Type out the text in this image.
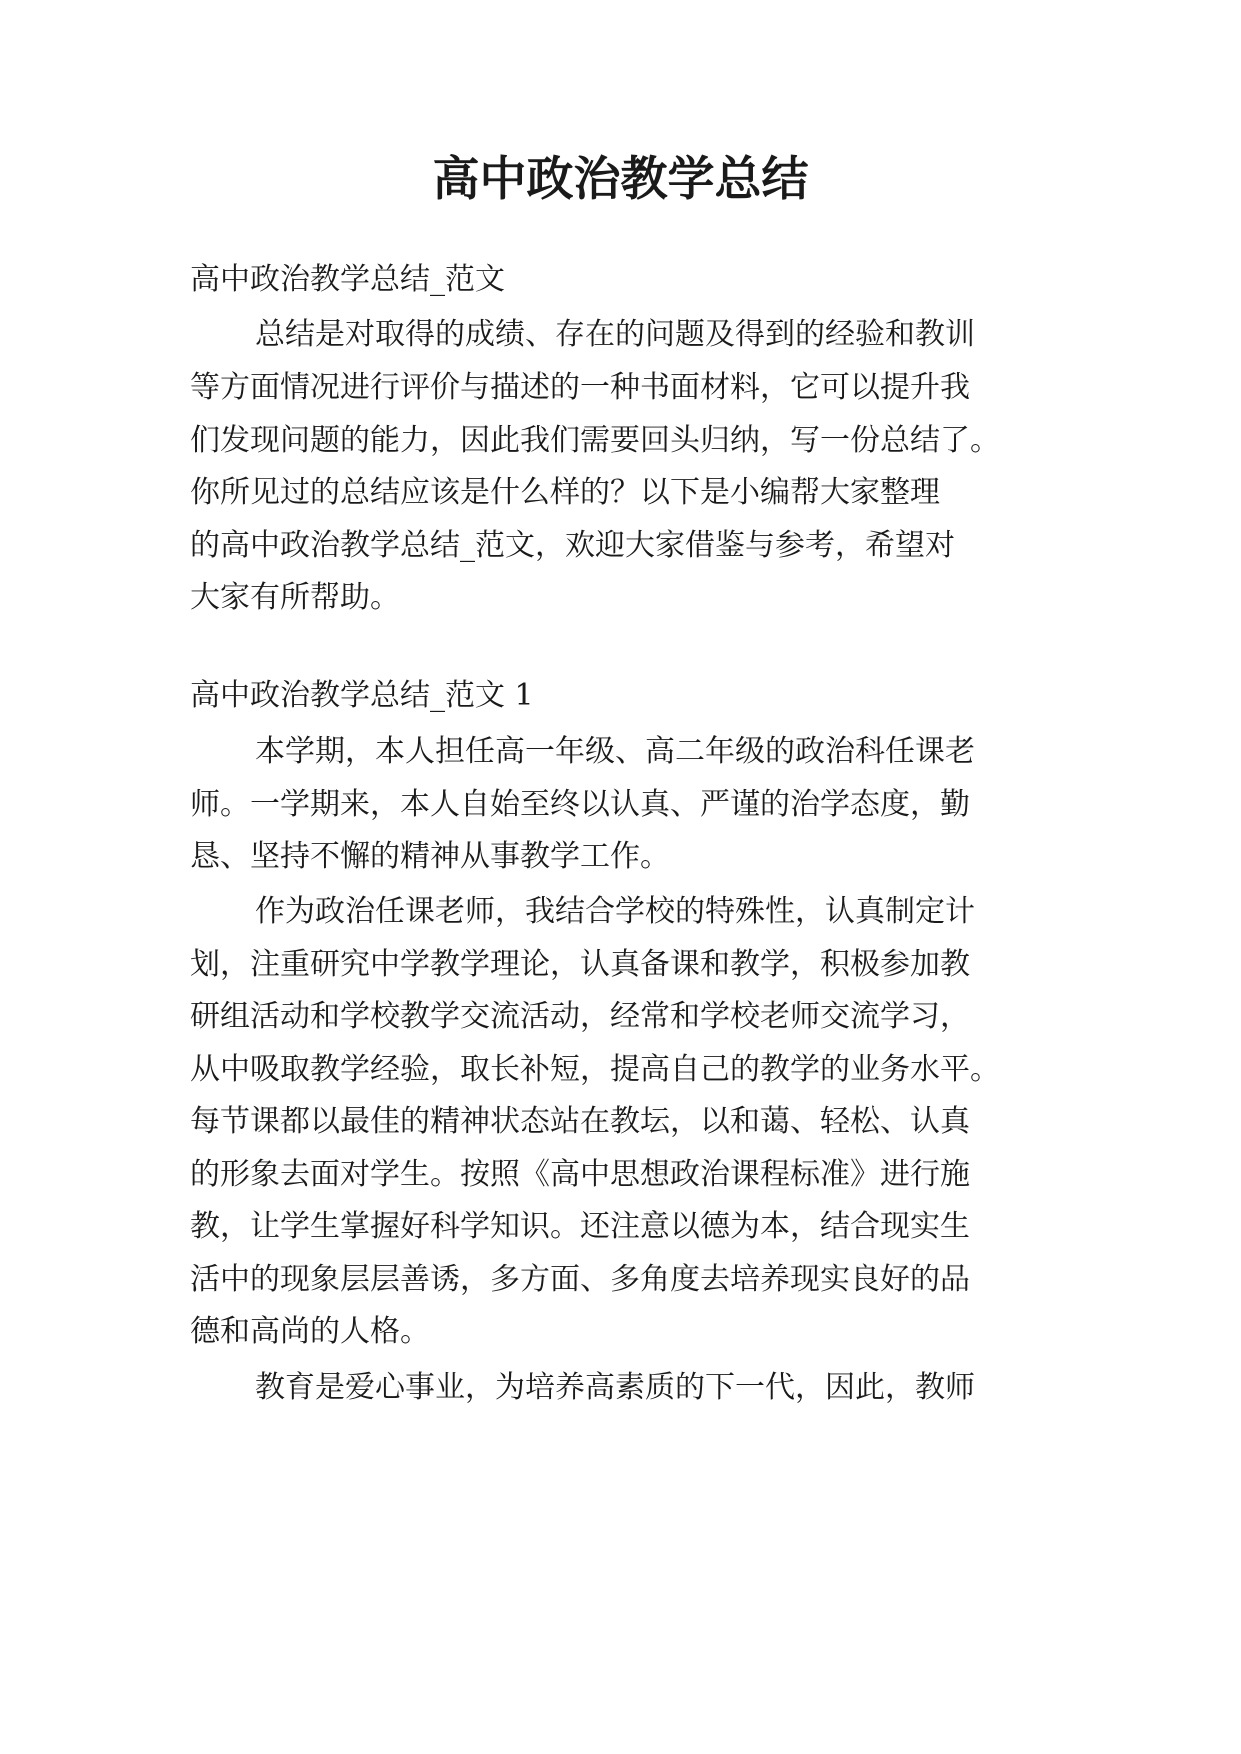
高中政治教学总结

高中政治教学总结_范文

总结是对取得的成绩、存在的问题及得到的经验和教训

等方面情况进行评价与描述的一种书面材料，它可以提升我

们发现问题的能力，因此我们需要回头归纳，写一份总结了。

你所见过的总结应该是什么样的？以下是小编帮大家整理

的高中政治教学总结_范文，欢迎大家借鉴与参考，希望对

大家有所帮助。

高中政治教学总结_范文 1

本学期，本人担任高一年级、高二年级的政治科任课老

师。一学期来，本人自始至终以认真、严谨的治学态度，勤

恳、坚持不懈的精神从事教学工作。

作为政治任课老师，我结合学校的特殊性，认真制定计

划，注重研究中学教学理论，认真备课和教学，积极参加教

研组活动和学校教学交流活动，经常和学校老师交流学习，

从中吸取教学经验，取长补短，提高自己的教学的业务水平。

每节课都以最佳的精神状态站在教坛，以和蔼、轻松、认真

的形象去面对学生。按照《高中思想政治课程标准》进行施

教，让学生掌握好科学知识。还注意以德为本，结合现实生

活中的现象层层善诱，多方面、多角度去培养现实良好的品

德和高尚的人格。

教育是爱心事业，为培养高素质的下一代，因此，教师
